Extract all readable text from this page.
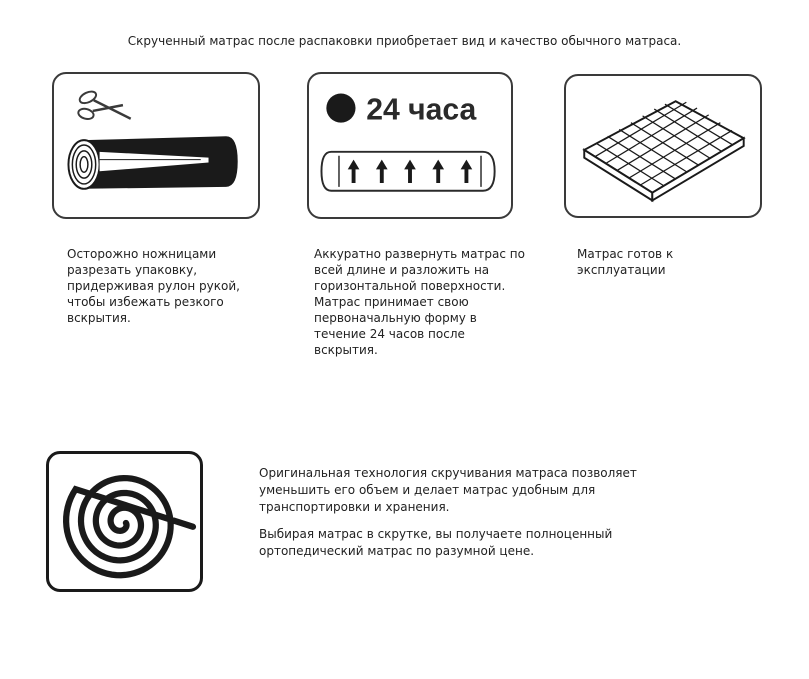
Скрученный матрас после распаковки приобретает вид и качество обычного матраса.
24 часа
Осторожно ножницами разрезать упаковку, придерживая рулон рукой, чтобы избежать резкого вскрытия.

Аккуратно развернуть матрас по всей длине и разложить на горизонтальной поверхности.

Матрас принимает свою первоначальную форму в течение 24 часов после вскрытия.

Матрас готов к эксплуатации

Оригинальная технология скручивания матраса позволяет уменьшить его объем и делает матрас удобным для транспортировки и хранения.

Выбирая матрас в скрутке, вы получаете полноценный ортопедический матрас по разумной цене.
